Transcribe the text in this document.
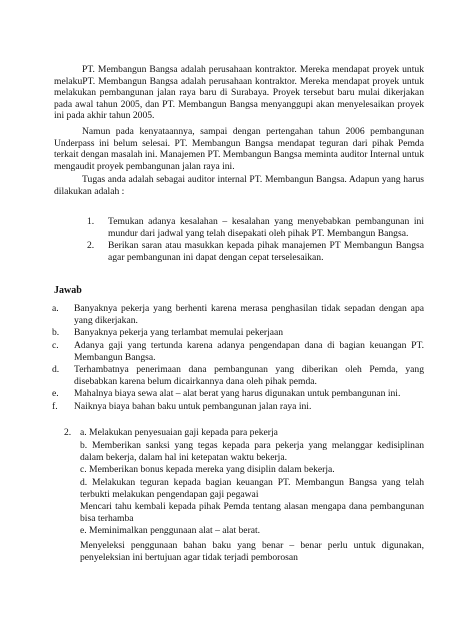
PT. Membangun Bangsa adalah perusahaan kontraktor. Mereka mendapat proyek untuk melakuPT. Membangun Bangsa adalah perusahaan kontraktor. Mereka mendapat proyek untuk melakukan pembangunan jalan raya baru di Surabaya. Proyek tersebut baru mulai dikerjakan pada awal tahun 2005, dan PT. Membangun Bangsa menyanggupi akan menyelesaikan proyek ini pada akhir tahun 2005.
Namun pada kenyataannya, sampai dengan pertengahan tahun 2006 pembangunan Underpass ini belum selesai. PT. Membangun Bangsa mendapat teguran dari pihak Pemda terkait dengan masalah ini. Manajemen PT. Membangun Bangsa meminta auditor Internal untuk mengaudit proyek pembangunan jalan raya ini.
Tugas anda adalah sebagai auditor internal PT. Membangun Bangsa. Adapun yang harus dilakukan adalah :
1. Temukan adanya kesalahan – kesalahan yang menyebabkan pembangunan ini mundur dari jadwal yang telah disepakati oleh pihak PT. Membangun Bangsa.
2. Berikan saran atau masukkan kepada pihak manajemen PT Membangun Bangsa agar pembangunan ini dapat dengan cepat terselesaikan.
Jawab
a. Banyaknya pekerja yang berhenti karena merasa penghasilan tidak sepadan dengan apa yang dikerjakan.
b. Banyaknya pekerja yang terlambat memulai pekerjaan
c. Adanya gaji yang tertunda karena adanya pengendapan dana di bagian keuangan PT. Membangun Bangsa.
d. Terhambatnya penerimaan dana pembangunan yang diberikan oleh Pemda, yang disebabkan karena belum dicairkannya dana oleh pihak pemda.
e. Mahalnya biaya sewa alat – alat berat yang harus digunakan untuk pembangunan ini.
f. Naiknya biaya bahan baku untuk pembangunan jalan raya ini.
2. a. Melakukan penyesuaian gaji kepada para pekerja
b. Memberikan sanksi yang tegas kepada para pekerja yang melanggar kedisiplinan dalam bekerja, dalam hal ini ketepatan waktu bekerja.
c. Memberikan bonus kepada mereka yang disiplin dalam bekerja.
d. Melakukan teguran kepada bagian keuangan PT. Membangun Bangsa yang telah terbukti melakukan pengendapan gaji pegawai
Mencari tahu kembali kepada pihak Pemda tentang alasan mengapa dana pembangunan bisa terhamba
e. Meminimalkan penggunaan alat – alat berat.
Menyeleksi penggunaan bahan baku yang benar – benar perlu untuk digunakan, penyeleksian ini bertujuan agar tidak terjadi pemborosan
